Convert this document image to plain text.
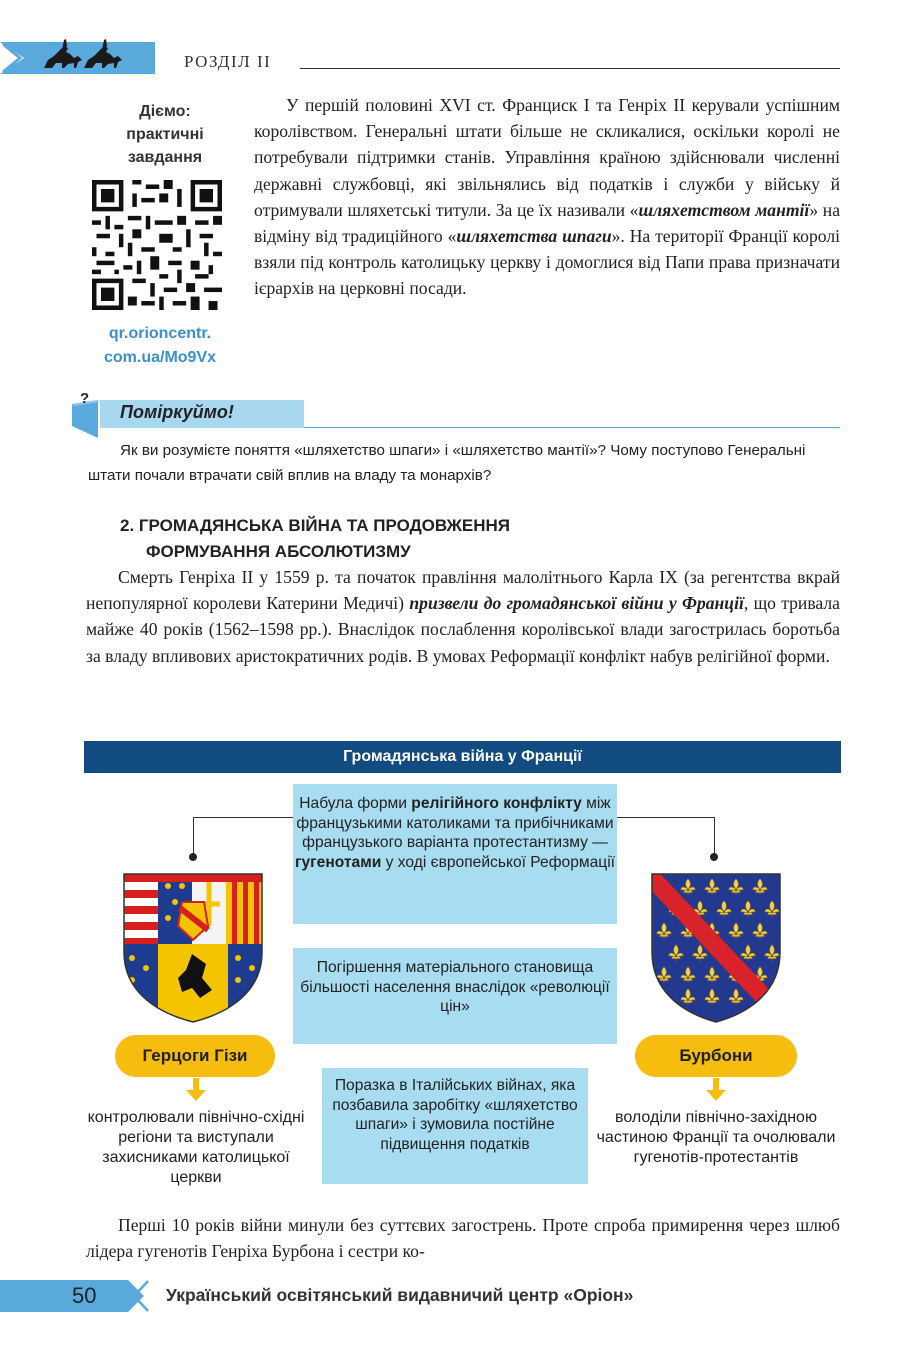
РОЗДІЛ ІІ
Діємо: практичні завдання
qr.orioncentr. com.ua/Mo9Vx
У першій половині XVI ст. Франциск І та Генріх ІІ керували успішним королівством. Генеральні штати більше не скликалися, оскільки королі не потребували підтримки станів. Управління країною здійснювали численні державні службовці, які звільнялись від податків і служби у війську й отримували шляхетські титули. За це їх називали «шляхетством мантії» на відміну від традиційного «шляхетства шпаги». На території Франції королі взяли під контроль католицьку церкву і домоглися від Папи права призначати ієрархів на церковні посади.
?
Поміркуймо!
Як ви розумієте поняття «шляхетство шпаги» і «шляхетство мантії»? Чому поступово Генеральні штати почали втрачати свій вплив на владу та монархів?
2. ГРОМАДЯНСЬКА ВІЙНА ТА ПРОДОВЖЕННЯ
ФОРМУВАННЯ АБСОЛЮТИЗМУ
Смерть Генріха ІІ у 1559 р. та початок правління малолітнього Карла ІХ (за регентства вкрай непопулярної королеви Катерини Медичі) призвели до громадянської війни у Франції, що тривала майже 40 років (1562–1598 рр.). Внаслідок послаблення королівської влади загострилась боротьба за владу впливових аристократичних родів. В умовах Реформації конфлікт набув релігійної форми.
Громадянська війна у Франції
Набула форми релігійного конфлікту між французькими католиками та прибічниками французького варіанта протестантизму — гугенотами у ході європейської Реформації
Погіршення матеріального становища більшості населення внаслідок «революції цін»
Поразка в Італійських війнах, яка позбавила заробітку «шляхетство шпаги» і зумовила постійне підвищення податків
Герцоги Гізи	Бурбони
контролювали північно-східні регіони та виступали захисниками католицької церкви
володіли північно-західною частиною Франції та очолювали гугенотів-протестантів
Перші 10 років війни минули без суттєвих загострень. Проте спроба примирення через шлюб лідера гугенотів Генріха Бурбона і сестри ко-
50	Український освітянський видавничий центр «Оріон»
